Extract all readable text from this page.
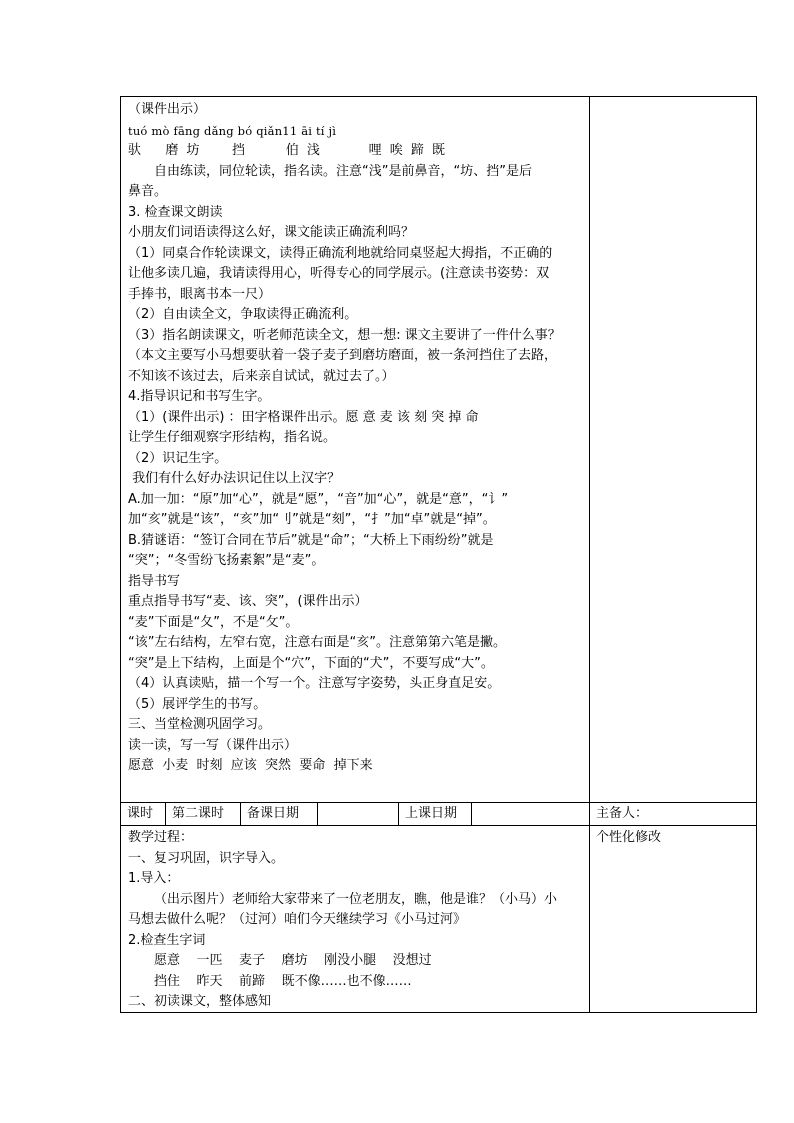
（课件出示）
tuó mò fāng dǎng bó qiǎn11 āi tí jì
驮   磨 坊    挡     伯 浅      哩 唉 蹄 既
自由练读，同位轮读，指名读。注意“浅”是前鼻音，“坊、挡”是后
鼻音。
3. 检查课文朗读
小朋友们词语读得这么好，课文能读正确流利吗？
（1）同桌合作轮读课文，读得正确流利地就给同桌竖起大拇指，不正确的
让他多读几遍，我请读得用心，听得专心的同学展示。(注意读书姿势：双
手捧书，眼离书本一尺）
（2）自由读全文，争取读得正确流利。
（3）指名朗读课文，听老师范读全文，想一想: 课文主要讲了一件什么事？
（本文主要写小马想要驮着一袋子麦子到磨坊磨面，被一条河挡住了去路，
不知该不该过去，后来亲自试试，就过去了。）
4.指导识记和书写生字。
（1）(课件出示) ：田字格课件出示。愿 意 麦 该 刻 突 掉 命
让学生仔细观察字形结构，指名说。
（2）识记生字。
我们有什么好办法识记住以上汉字？
A.加一加：“原”加“心”，就是“愿”，“音”加“心”，就是“意”，“讠”
加“亥”就是“该”，“亥”加“刂”就是“刻”，“扌”加“卓”就是“掉”。
B.猜谜语：“签订合同在节后”就是“命”；“大桥上下雨纷纷”就是
“突”；“冬雪纷飞扬素絮”是“麦”。
指导书写
重点指导书写“麦、该、突”，(课件出示）
“麦”下面是“夂”，不是“攵”。
“该”左右结构，左窄右宽，注意右面是“亥”。注意第第六笔是撇。
“突”是上下结构，上面是个“穴”，下面的“犬”，不要写成“大”。
（4）认真读贴，描一个写一个。注意写字姿势，头正身直足安。
（5）展评学生的书写。
三、当堂检测巩固学习。
读一读，写一写（课件出示）
愿意  小麦  时刻  应该  突然  要命  掉下来
课时	第二课时	备课日期	上课日期	主备人：
教学过程：
一、复习巩固，识字导入。
1.导入：
（出示图片）老师给大家带来了一位老朋友，瞧，他是谁？（小马）小
马想去做什么呢？（过河）咱们今天继续学习《小马过河》
2.检查生字词
愿意    一匹    麦子    磨坊    刚没小腿    没想过
挡住    昨天    前蹄    既不像……也不像……
二、初读课文，整体感知
个性化修改
